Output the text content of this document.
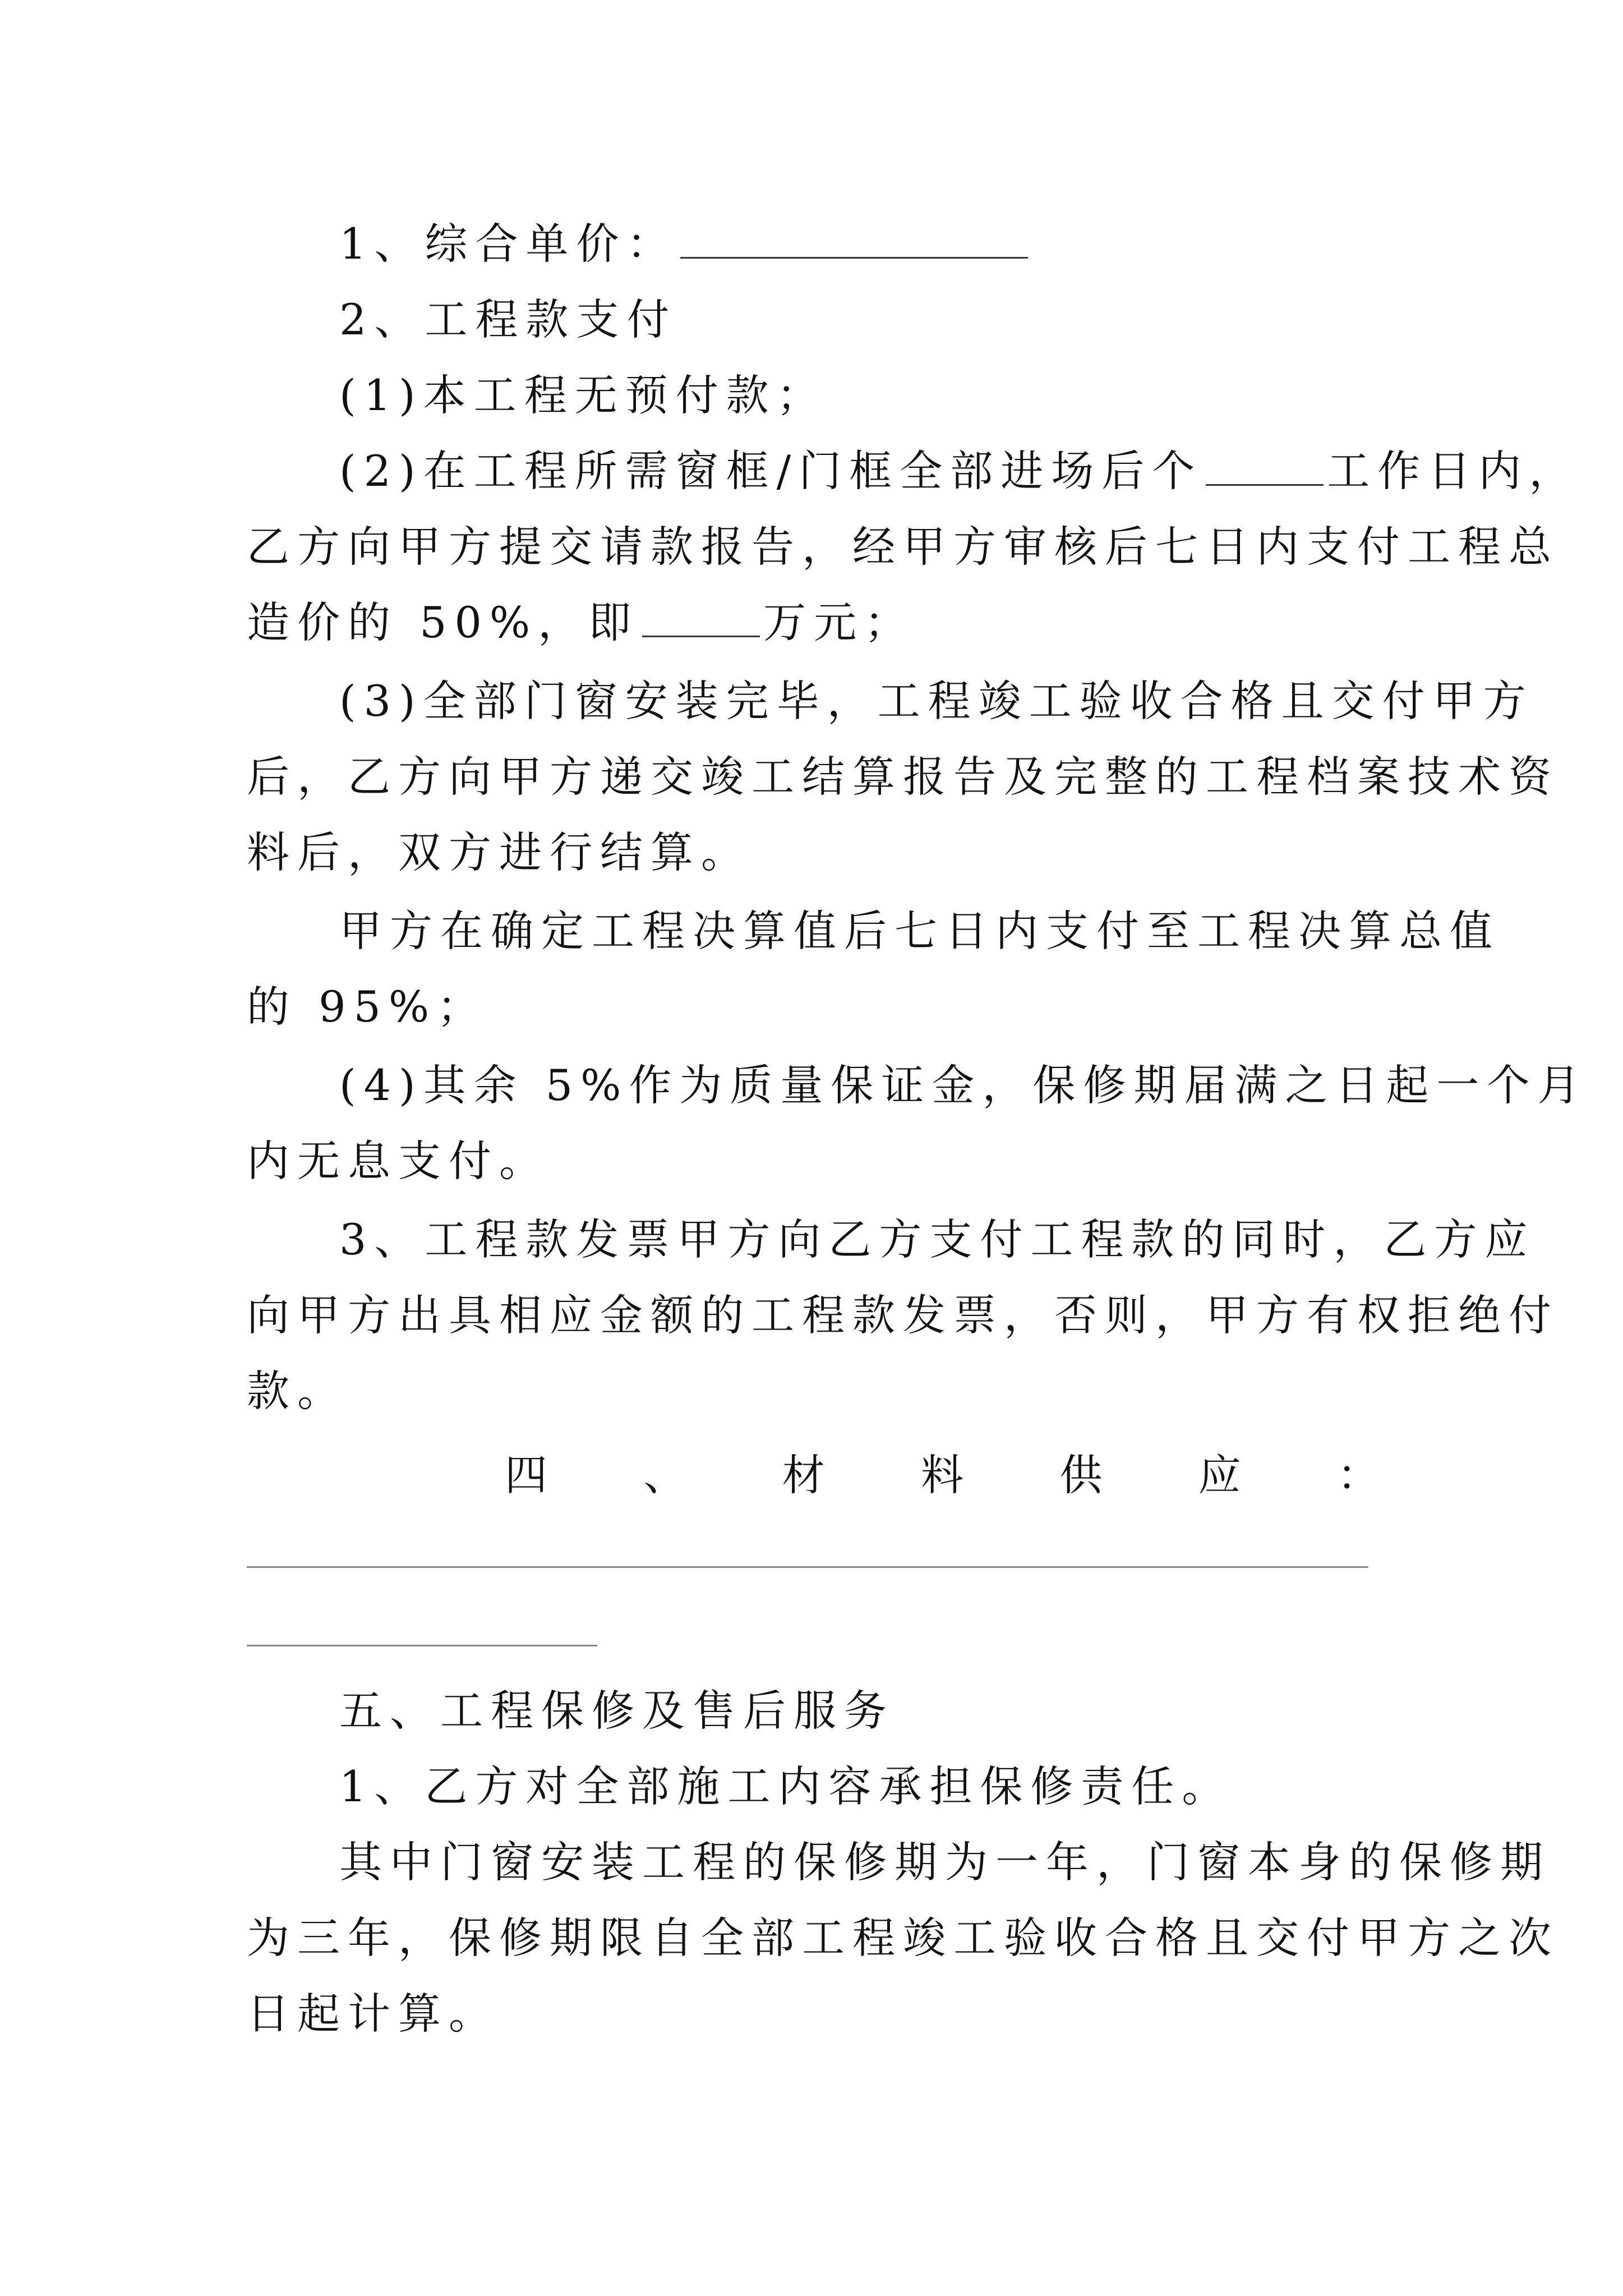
1、综合单价：
2、工程款支付
(1)本工程无预付款；
(2)在工程所需窗框/门框全部进场后个	工作日内，
乙方向甲方提交请款报告，经甲方审核后七日内支付工程总
造价的 50%，即	万元；
(3)全部门窗安装完毕，工程竣工验收合格且交付甲方
后，乙方向甲方递交竣工结算报告及完整的工程档案技术资
料后，双方进行结算。
甲方在确定工程决算值后七日内支付至工程决算总值
的 95%；
(4)其余 5%作为质量保证金，保修期届满之日起一个月
内无息支付。
3、工程款发票甲方向乙方支付工程款的同时，乙方应
向甲方出具相应金额的工程款发票，否则，甲方有权拒绝付
款。
四 、 材 料 供 应 ：
五、工程保修及售后服务
1、乙方对全部施工内容承担保修责任。
其中门窗安装工程的保修期为一年，门窗本身的保修期
为三年，保修期限自全部工程竣工验收合格且交付甲方之次
日起计算。
